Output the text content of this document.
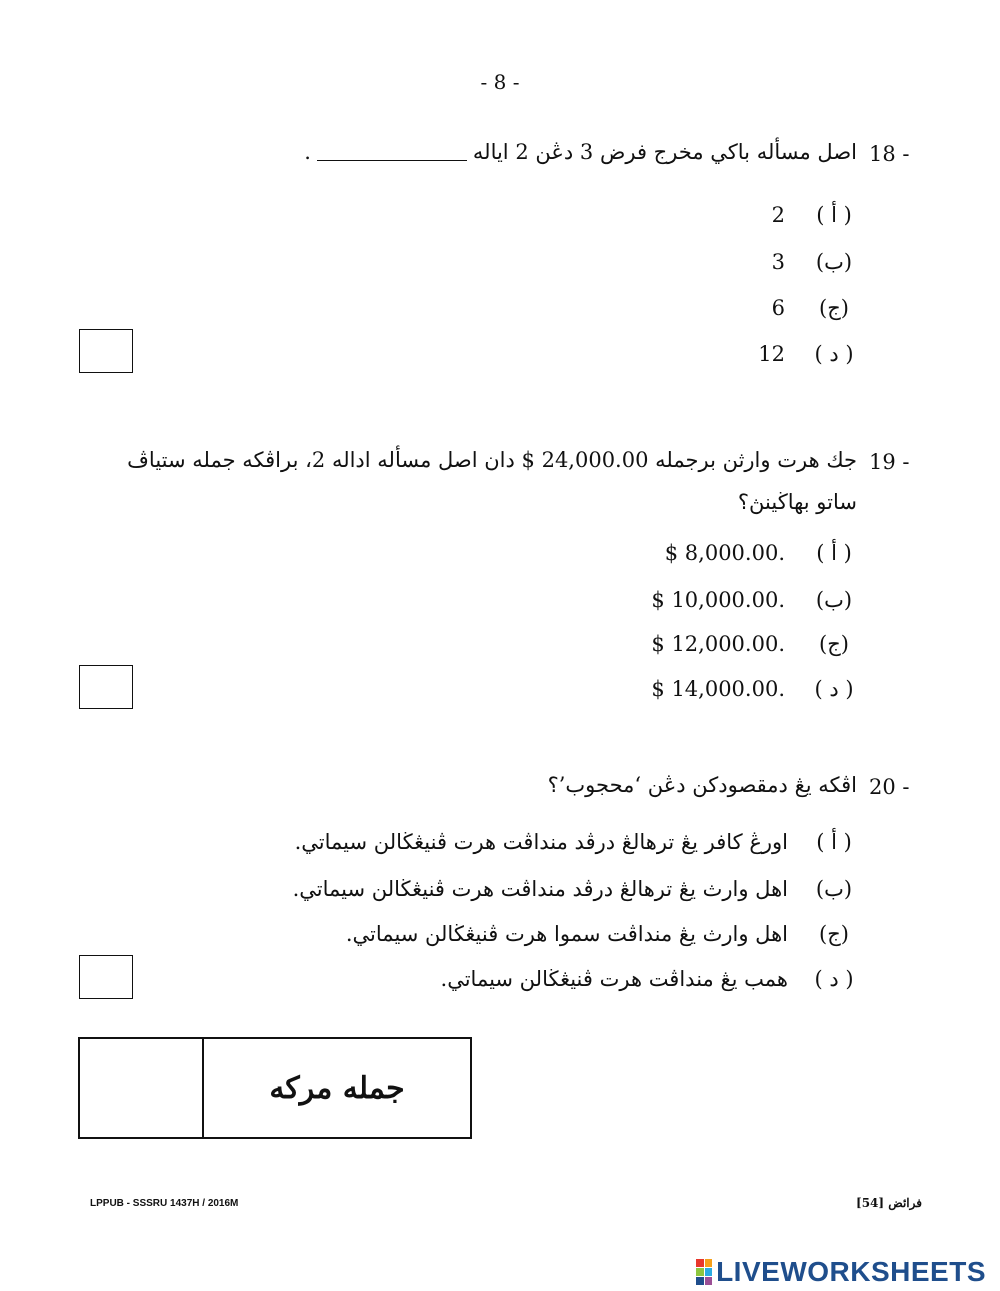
- 8 -
18 -
اصل مسأله باكي مخرج فرض 3 دڠن 2 اياله.
( أ )
2
(ب)
3
(ج)
6
( د )
12
19 -
جك هرت وارثن برجمله 24,000.00 $ دان اصل مسأله اداله 2، براڤكه جمله ستياڤ
ساتو بهاڬينڽ؟
( أ )
$ 8,000.00.
(ب)
$ 10,000.00.
(ج)
$ 12,000.00.
( د )
$ 14,000.00.
20 -
اڤكه يڠ دمقصودكن دڠن ‘محجوب’؟
( أ )
اورڠ كافر يڠ ترهالڠ درڤد منداڤت هرت ڤنيڠڬالن سيماتي.
(ب)
اهل وارث يڠ ترهالڠ درڤد منداڤت هرت ڤنيڠڬالن سيماتي.
(ج)
اهل وارث يڠ منداڤت سموا هرت ڤنيڠڬالن سيماتي.
( د )
همب يڠ منداڤت هرت ڤنيڠڬالن سيماتي.
جمله مركه
LPPUB - SSSRU 1437H / 2016M	فرائض [54]
LIVEWORKSHEETS
